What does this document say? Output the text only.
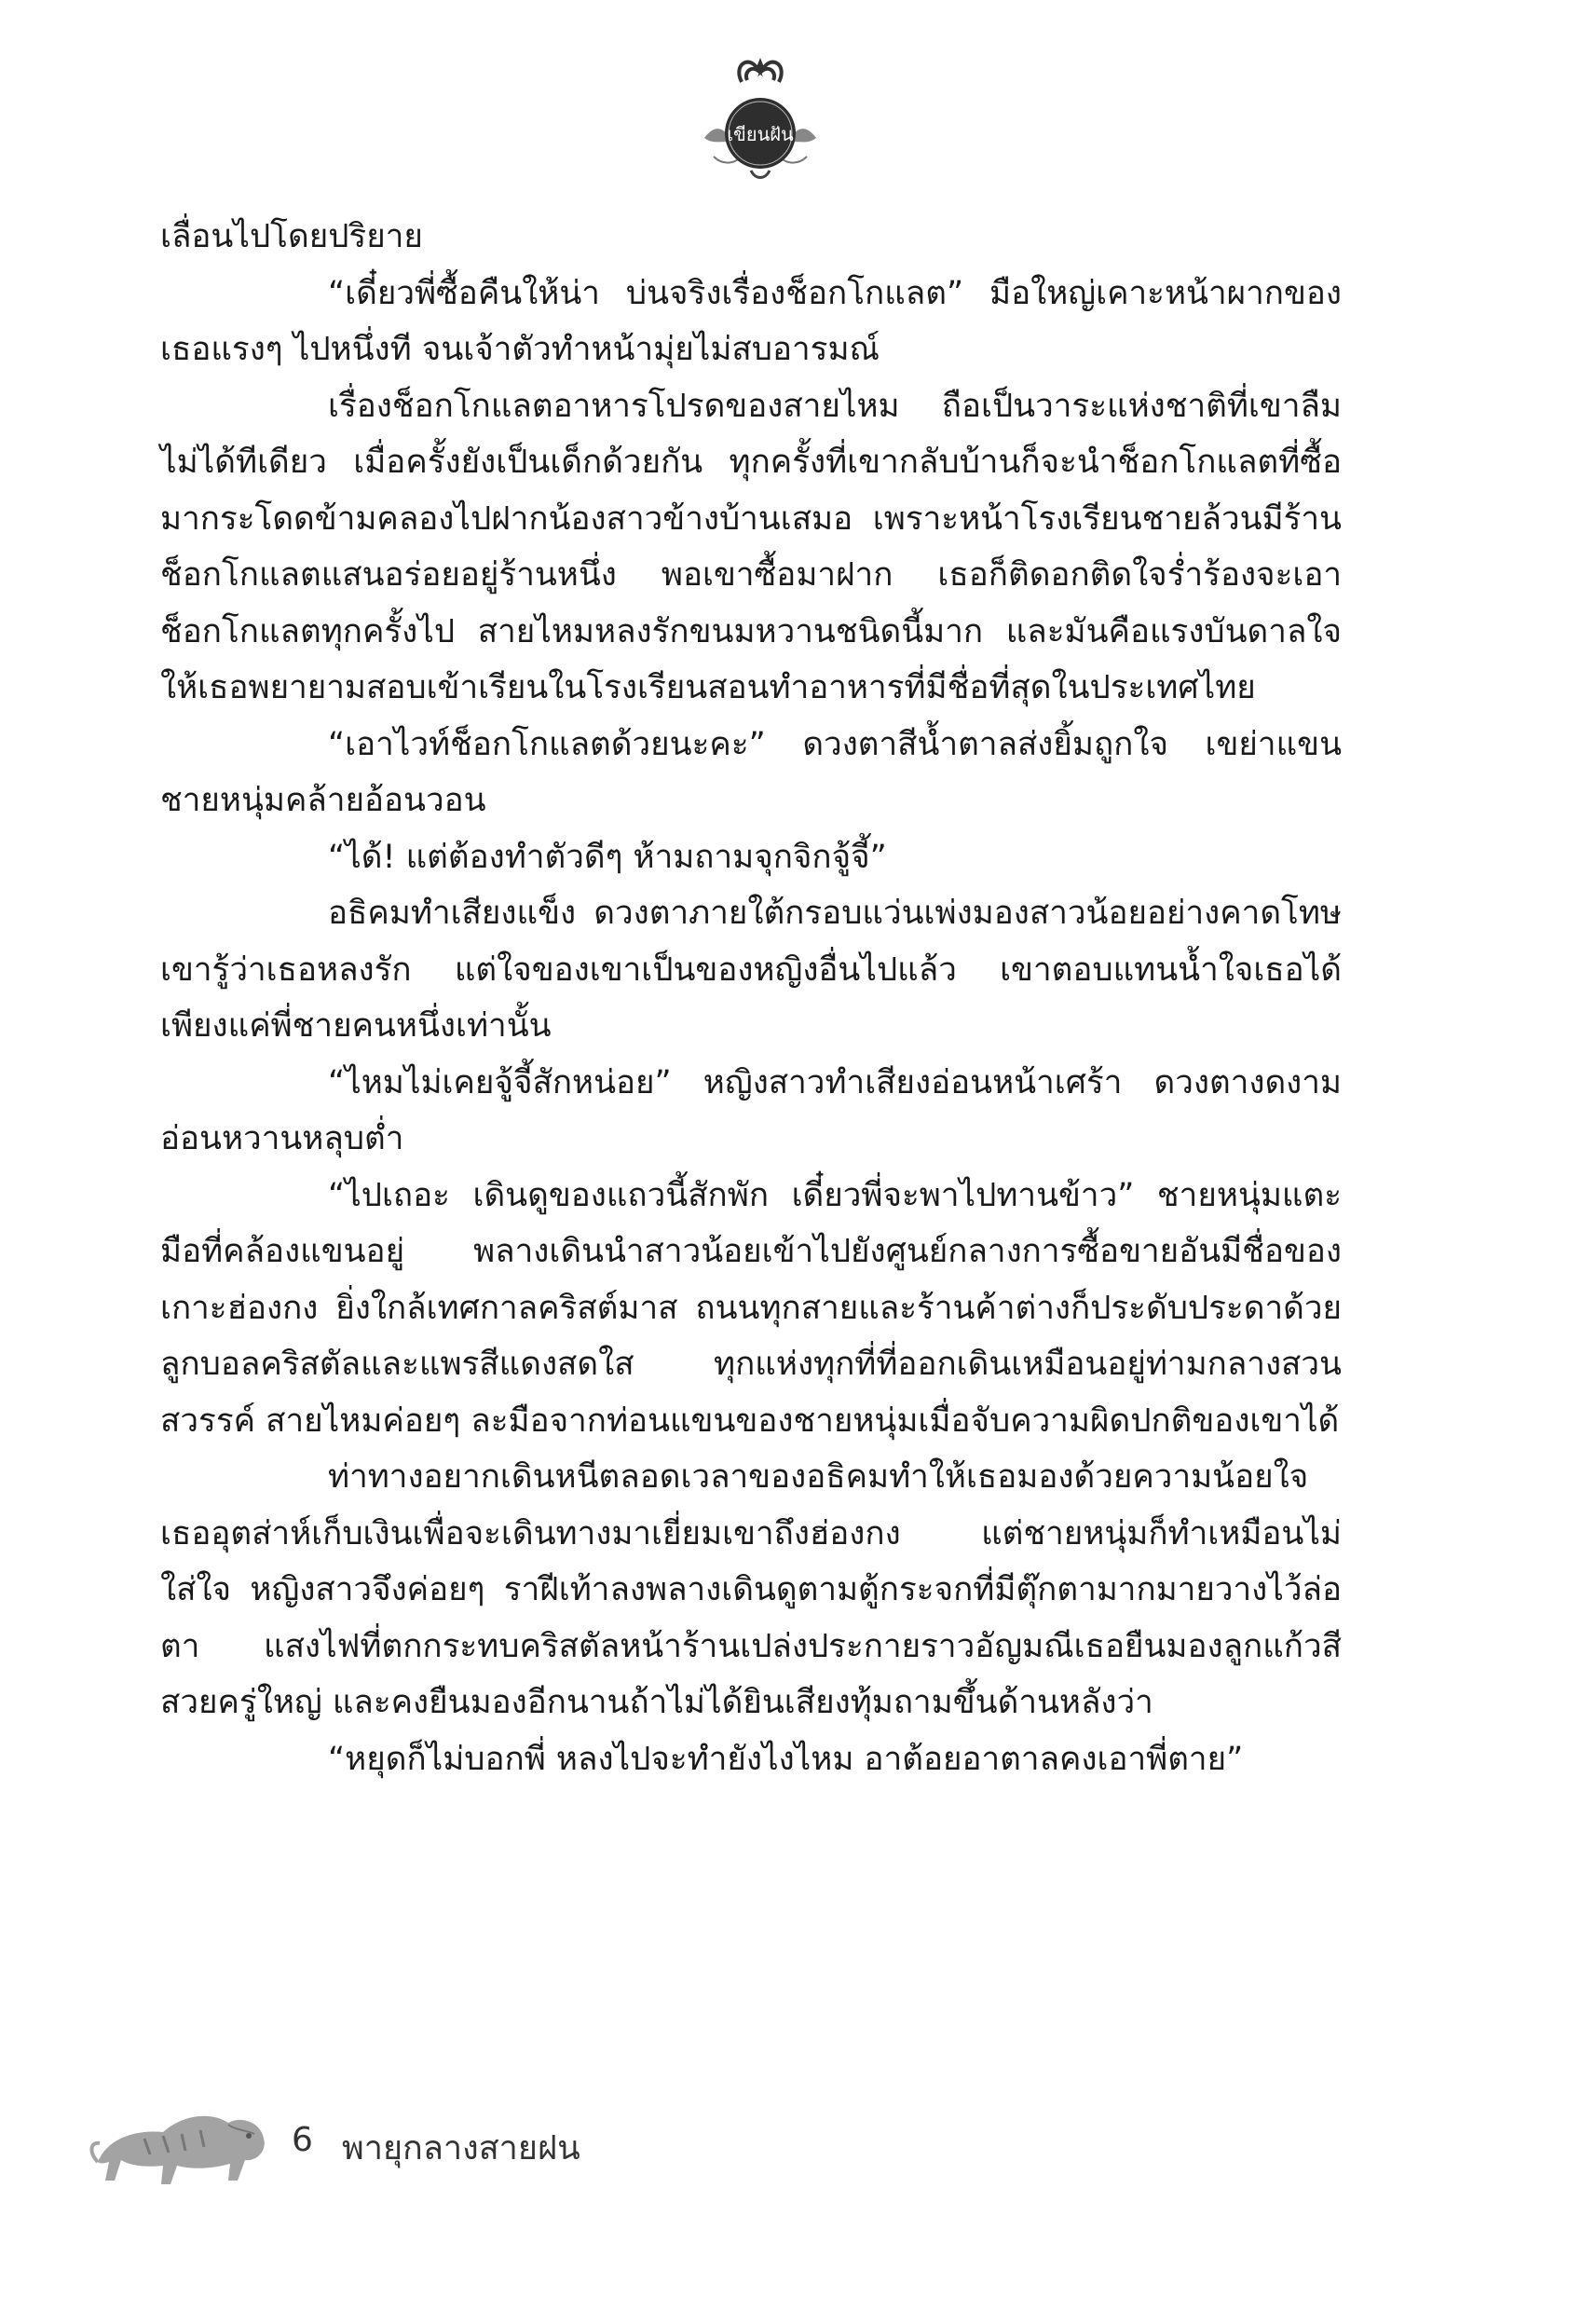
เขียนฝัน

เลื่อนไปโดยปริยาย

“เดี๋ยวพี่ซื้อคืนให้น่า บ่นจริงเรื่องช็อกโกแลต” มือใหญ่เคาะหน้าผากของเธอแรงๆ ไปหนึ่งที จนเจ้าตัวทำหน้ามุ่ยไม่สบอารมณ์

เรื่องช็อกโกแลตอาหารโปรดของสายไหม ถือเป็นวาระแห่งชาติที่เขาลืมไม่ได้ทีเดียว เมื่อครั้งยังเป็นเด็กด้วยกัน ทุกครั้งที่เขากลับบ้านก็จะนำช็อกโกแลตที่ซื้อมากระโดดข้ามคลองไปฝากน้องสาวข้างบ้านเสมอ เพราะหน้าโรงเรียนชายล้วนมีร้านช็อกโกแลตแสนอร่อยอยู่ร้านหนึ่ง พอเขาซื้อมาฝาก เธอก็ติดอกติดใจร่ำร้องจะเอาช็อกโกแลตทุกครั้งไป สายไหมหลงรักขนมหวานชนิดนี้มาก และมันคือแรงบันดาลใจให้เธอพยายามสอบเข้าเรียนในโรงเรียนสอนทำอาหารที่มีชื่อที่สุดในประเทศไทย

“เอาไวท์ช็อกโกแลตด้วยนะคะ” ดวงตาสีน้ำตาลส่งยิ้มถูกใจ เขย่าแขนชายหนุ่มคล้ายอ้อนวอน

“ได้! แต่ต้องทำตัวดีๆ ห้ามถามจุกจิกจู้จี้”

อธิคมทำเสียงแข็ง ดวงตาภายใต้กรอบแว่นเพ่งมองสาวน้อยอย่างคาดโทษ เขารู้ว่าเธอหลงรัก แต่ใจของเขาเป็นของหญิงอื่นไปแล้ว เขาตอบแทนน้ำใจเธอได้เพียงแค่พี่ชายคนหนึ่งเท่านั้น

“ไหมไม่เคยจู้จี้สักหน่อย” หญิงสาวทำเสียงอ่อนหน้าเศร้า ดวงตางดงามอ่อนหวานหลุบต่ำ

“ไปเถอะ เดินดูของแถวนี้สักพัก เดี๋ยวพี่จะพาไปทานข้าว” ชายหนุ่มแตะมือที่คล้องแขนอยู่ พลางเดินนำสาวน้อยเข้าไปยังศูนย์กลางการซื้อขายอันมีชื่อของเกาะฮ่องกง ยิ่งใกล้เทศกาลคริสต์มาส ถนนทุกสายและร้านค้าต่างก็ประดับประดาด้วยลูกบอลคริสตัลและแพรสีแดงสดใส ทุกแห่งทุกที่ที่ออกเดินเหมือนอยู่ท่ามกลางสวนสวรรค์ สายไหมค่อยๆ ละมือจากท่อนแขนของชายหนุ่มเมื่อจับความผิดปกติของเขาได้

ท่าทางอยากเดินหนีตลอดเวลาของอธิคมทำให้เธอมองด้วยความน้อยใจ เธออุตส่าห์เก็บเงินเพื่อจะเดินทางมาเยี่ยมเขาถึงฮ่องกง แต่ชายหนุ่มก็ทำเหมือนไม่ใส่ใจ หญิงสาวจึงค่อยๆ ราฝีเท้าลงพลางเดินดูตามตู้กระจกที่มีตุ๊กตามากมายวางไว้ล่อตา แสงไฟที่ตกกระทบคริสตัลหน้าร้านเปล่งประกายราวอัญมณีเธอยืนมองลูกแก้วสีสวยครู่ใหญ่ และคงยืนมองอีกนานถ้าไม่ได้ยินเสียงทุ้มถามขึ้นด้านหลังว่า

“หยุดก็ไม่บอกพี่ หลงไปจะทำยังไงไหม อาต้อยอาตาลคงเอาพี่ตาย”

6 พายุกลางสายฝน
